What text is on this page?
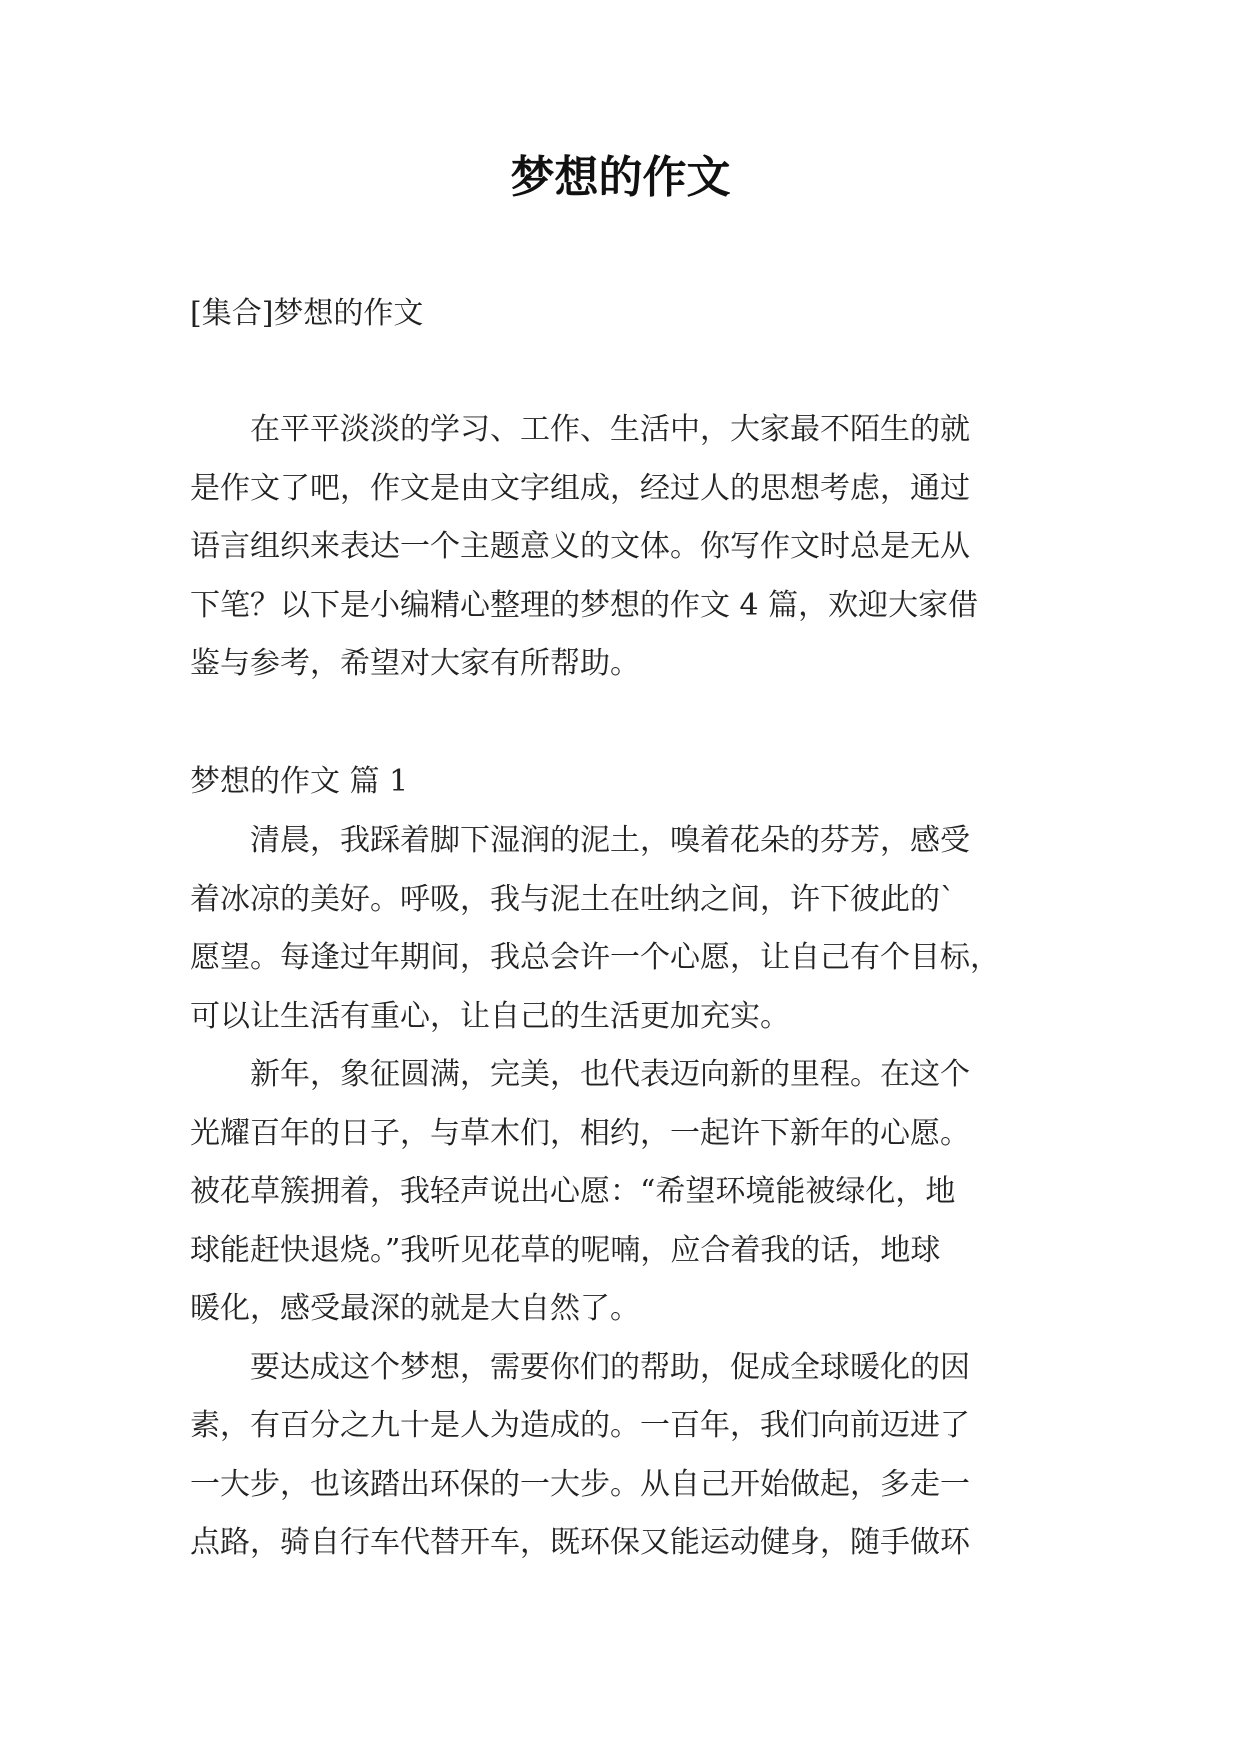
梦想的作文
[集合]梦想的作文
　　在平平淡淡的学习、工作、生活中，大家最不陌生的就
是作文了吧，作文是由文字组成，经过人的思想考虑，通过
语言组织来表达一个主题意义的文体。你写作文时总是无从
下笔？以下是小编精心整理的梦想的作文 4 篇，欢迎大家借
鉴与参考，希望对大家有所帮助。
梦想的作文 篇 1
　　清晨，我踩着脚下湿润的泥土，嗅着花朵的芬芳，感受
着冰凉的美好。呼吸，我与泥土在吐纳之间，许下彼此的`
愿望。每逢过年期间，我总会许一个心愿，让自己有个目标，
可以让生活有重心，让自己的生活更加充实。
　　新年，象征圆满，完美，也代表迈向新的里程。在这个
光耀百年的日子，与草木们，相约，一起许下新年的心愿。
被花草簇拥着，我轻声说出心愿：“希望环境能被绿化，地
球能赶快退烧。”我听见花草的呢喃，应合着我的话，地球
暖化，感受最深的就是大自然了。
　　要达成这个梦想，需要你们的帮助，促成全球暖化的因
素，有百分之九十是人为造成的。一百年，我们向前迈进了
一大步，也该踏出环保的一大步。从自己开始做起，多走一
点路，骑自行车代替开车，既环保又能运动健身，随手做环
